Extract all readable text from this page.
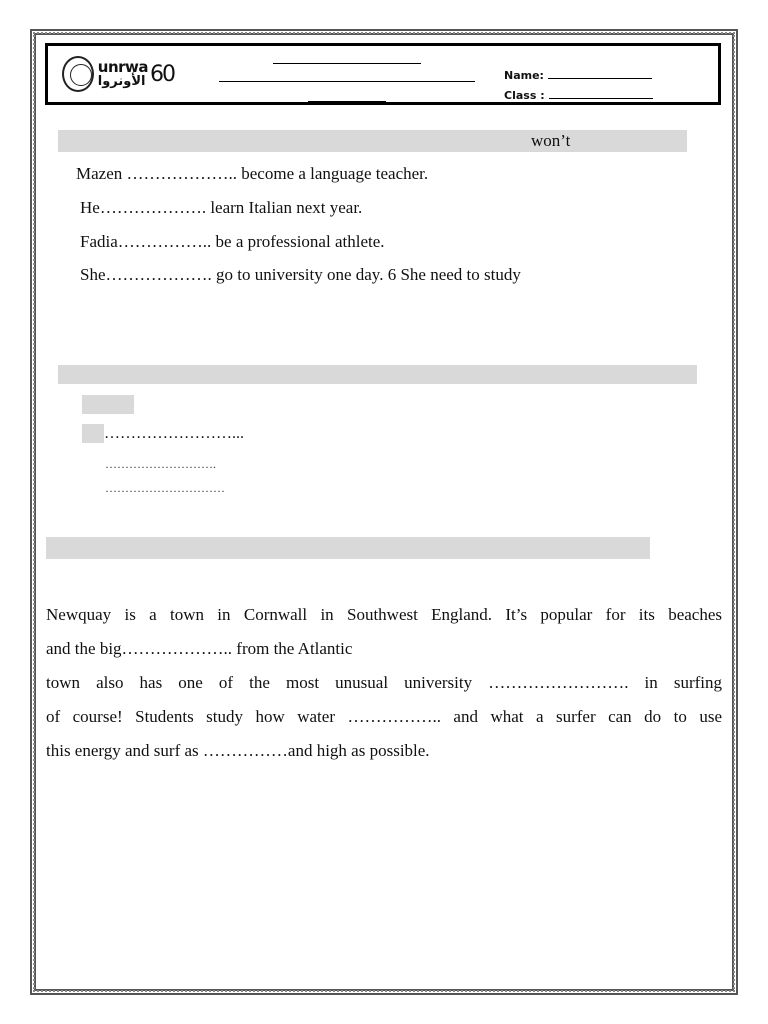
unrwa
الأونروا 60	Name:
Class :
won’t
Mazen ……………….. become a language teacher.
He………………. learn Italian next year.
Fadia…………….. be a professional athlete.
She………………. go to university one day. 6 She need to study
……………………...
……………………….
…………………………
Newquay is a town in Cornwall in Southwest England. It’s popular for its beaches
and the big……………….. from the Atlantic
town also has one of the most unusual university ……………………. in surfing
of course! Students study how water …………….. and what a surfer can do to use
this energy and surf as ……………and high as possible.
